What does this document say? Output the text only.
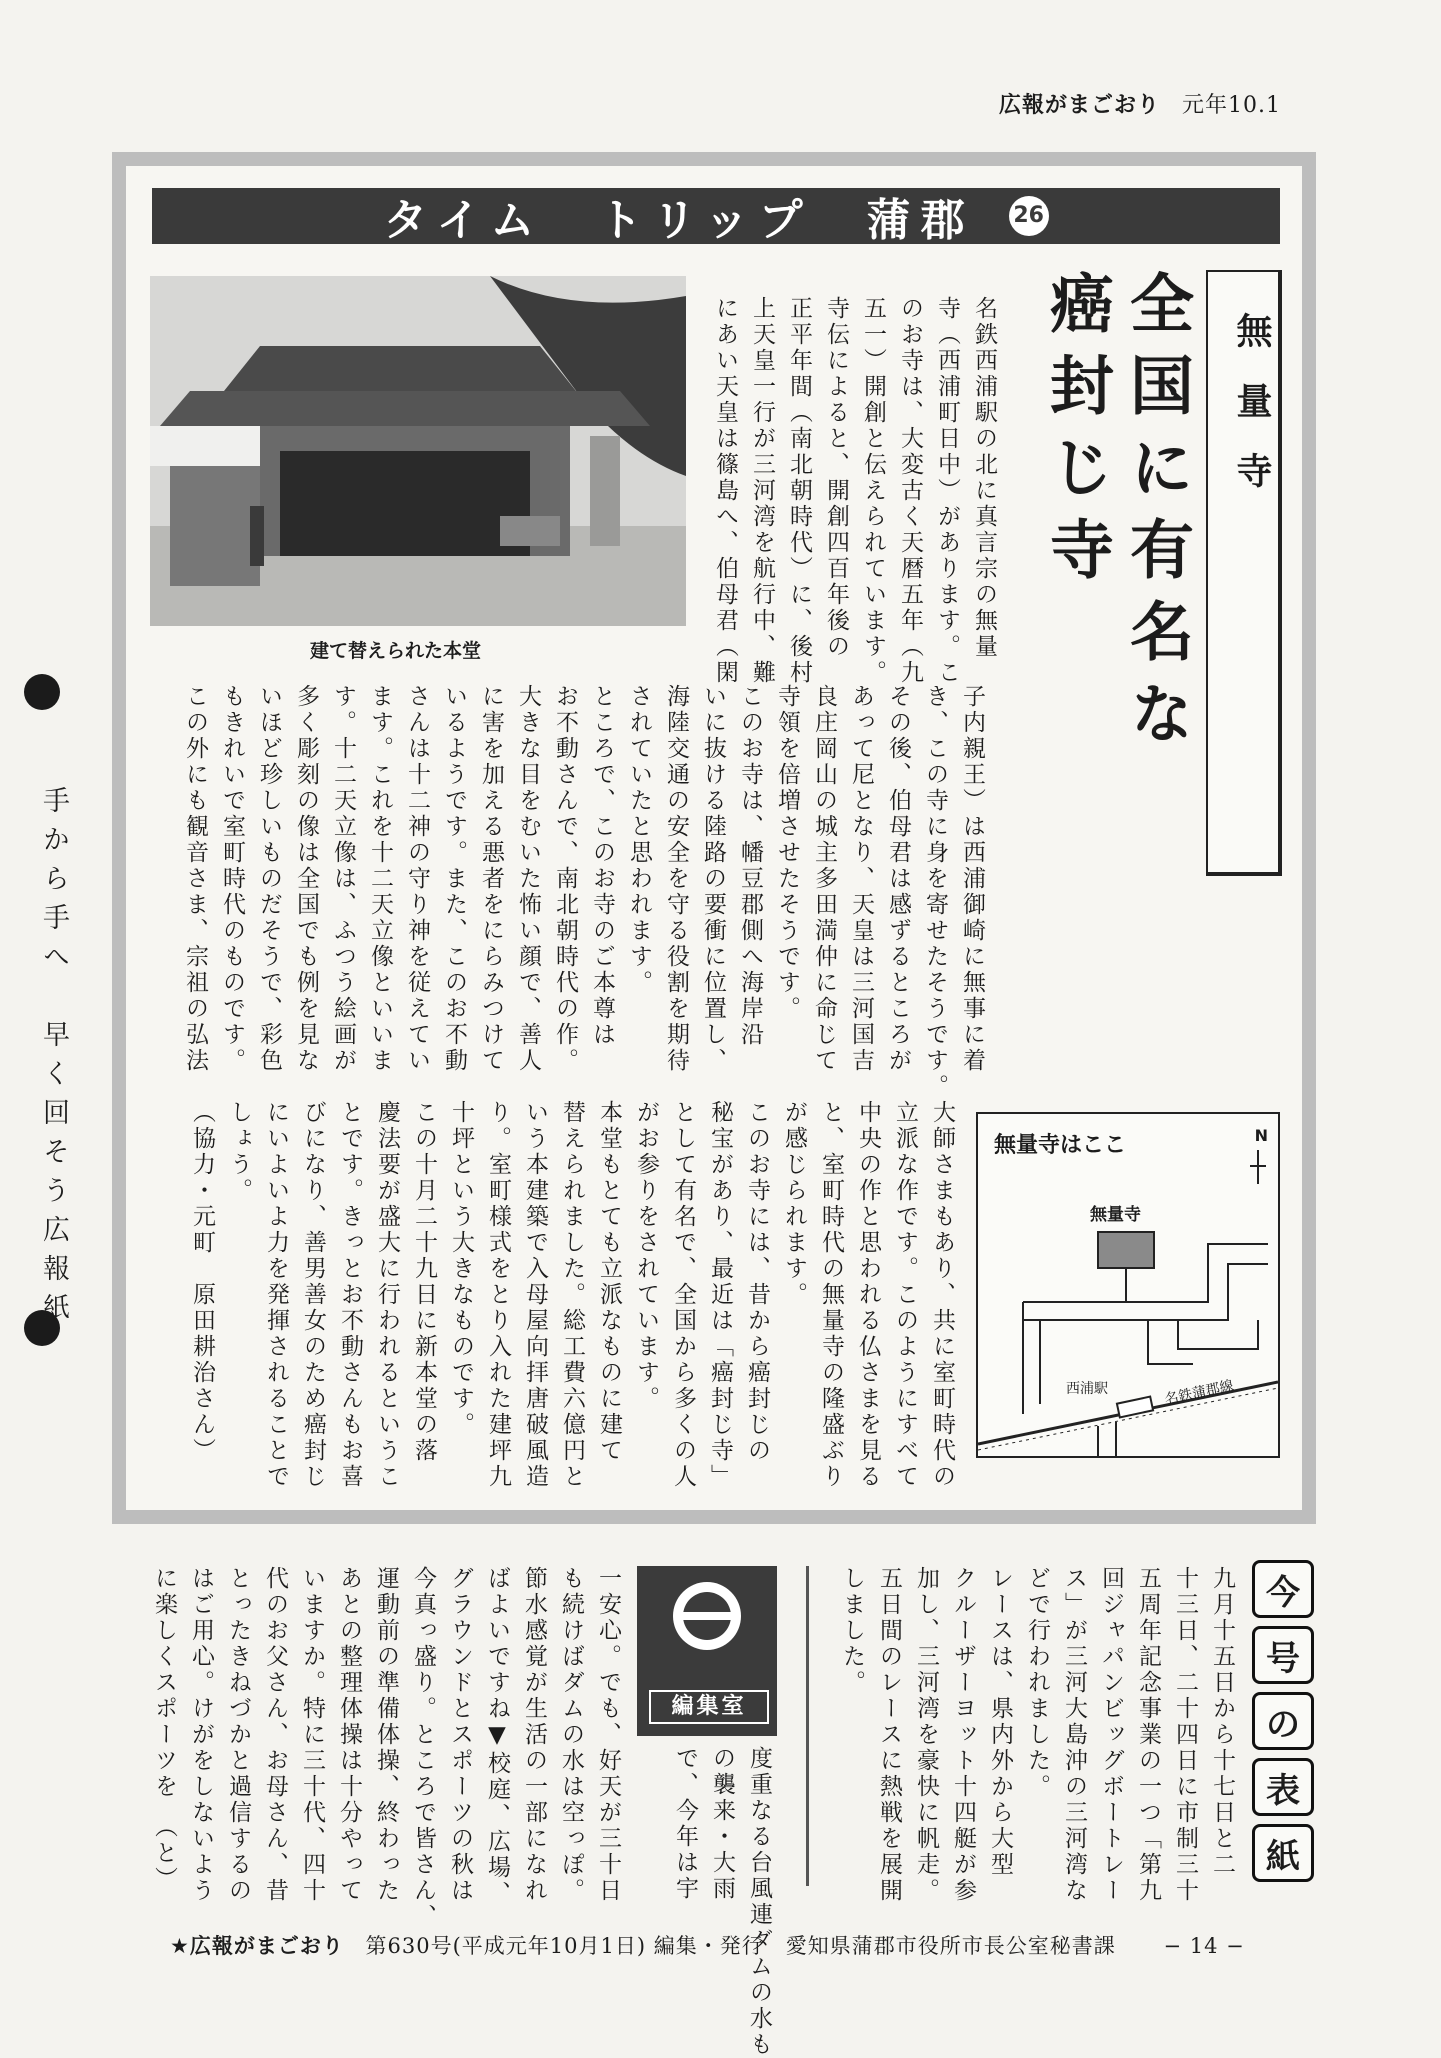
広報がまごおり 元年10.1
タイム　トリップ　蒲郡 26
建て替えられた本堂
無量寺
全国に有名な
癌封じ寺
名鉄西浦駅の北に真言宗の無量
寺（西浦町日中）があります。こ
のお寺は、大変古く天暦五年（九
五一）開創と伝えられています。
寺伝によると、開創四百年後の
正平年間（南北朝時代）に、後村
上天皇一行が三河湾を航行中、難
にあい天皇は篠島へ、伯母君（閑
子内親王）は西浦御崎に無事に着
き、この寺に身を寄せたそうです。
その後、伯母君は感ずるところが
あって尼となり、天皇は三河国吉
良庄岡山の城主多田満仲に命じて
寺領を倍増させたそうです。
このお寺は、幡豆郡側へ海岸沿
いに抜ける陸路の要衝に位置し、
海陸交通の安全を守る役割を期待
されていたと思われます。
ところで、このお寺のご本尊は
お不動さんで、南北朝時代の作。
大きな目をむいた怖い顔で、善人
に害を加える悪者をにらみつけて
いるようです。また、このお不動
さんは十二神の守り神を従えてい
ます。これを十二天立像といいま
す。十二天立像は、ふつう絵画が
多く彫刻の像は全国でも例を見な
いほど珍しいものだそうで、彩色
もきれいで室町時代のものです。
この外にも観音さま、宗祖の弘法
大師さまもあり、共に室町時代の
立派な作です。このようにすべて
中央の作と思われる仏さまを見る
と、室町時代の無量寺の隆盛ぶり
が感じられます。
このお寺には、昔から癌封じの
秘宝があり、最近は「癌封じ寺」
として有名で、全国から多くの人
がお参りをされています。
本堂もとても立派なものに建て
替えられました。総工費六億円と
いう本建築で入母屋向拝唐破風造
り。室町様式をとり入れた建坪九
十坪という大きなものです。
この十月二十九日に新本堂の落
慶法要が盛大に行われるというこ
とです。きっとお不動さんもお喜
びになり、善男善女のため癌封じ
にいよいよ力を発揮されることで
しょう。
（協力・元町　原田耕治さん）	無量寺はここ	N
無量寺
西浦駅	名鉄蒲郡線
手から手へ　早く回そう広報紙
今
号
の
表
紙
九月十五日から十七日と二
十三日、二十四日に市制三十
五周年記念事業の一つ「第九
回ジャパンビッグボートレー
ス」が三河大島沖の三河湾な
どで行われました。
レースは、県内外から大型
クルーザーヨット十四艇が参
加し、三河湾を豪快に帆走。
五日間のレースに熱戦を展開
しました。
編集室
度重なる台風
の襲来・大雨
で、今年は宇
連ダムの水も
一安心。でも、好天が三十日
も続けばダムの水は空っぽ。
節水感覚が生活の一部になれ
ばよいですね▼校庭、広場、
グラウンドとスポーツの秋は
今真っ盛り。ところで皆さん、
運動前の準備体操、終わった
あとの整理体操は十分やって
いますか。特に三十代、四十
代のお父さん、お母さん、昔
とったきねづかと過信するの
はご用心。けがをしないよう
に楽しくスポーツを　（と）
★広報がまごおり 第630号(平成元年10月1日) 編集・発行　愛知県蒲郡市役所市長公室秘書課 − 14 −
